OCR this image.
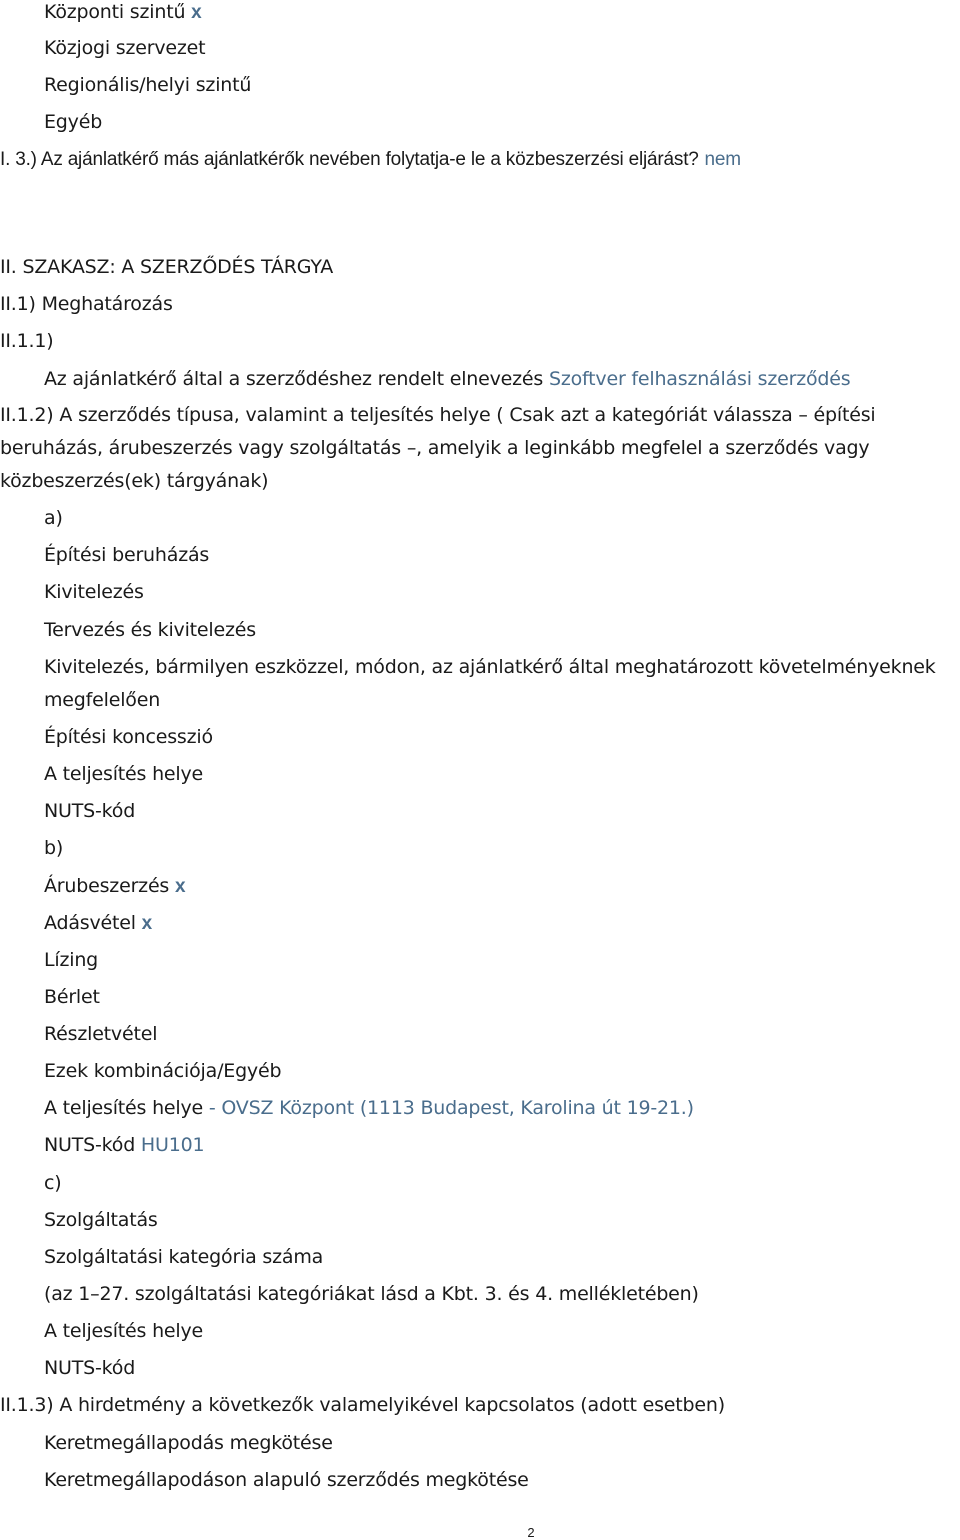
Központi szintű x
Közjogi szervezet
Regionális/helyi szintű
Egyéb
I. 3.) Az ajánlatkérő más ajánlatkérők nevében folytatja-e le a közbeszerzési eljárást? nem
II. SZAKASZ: A SZERZŐDÉS TÁRGYA
II.1) Meghatározás
II.1.1)
Az ajánlatkérő által a szerződéshez rendelt elnevezés Szoftver felhasználási szerződés
II.1.2) A szerződés típusa, valamint a teljesítés helye ( Csak azt a kategóriát válassza – építési
beruházás, árubeszerzés vagy szolgáltatás –, amelyik a leginkább megfelel a szerződés vagy
közbeszerzés(ek) tárgyának)
a)
Építési beruházás
Kivitelezés
Tervezés és kivitelezés
Kivitelezés, bármilyen eszközzel, módon, az ajánlatkérő által meghatározott követelményeknek
megfelelően
Építési koncesszió
A teljesítés helye
NUTS-kód
b)
Árubeszerzés x
Adásvétel x
Lízing
Bérlet
Részletvétel
Ezek kombinációja/Egyéb
A teljesítés helye - OVSZ Központ (1113 Budapest, Karolina út 19-21.)
NUTS-kód HU101
c)
Szolgáltatás
Szolgáltatási kategória száma
(az 1–27. szolgáltatási kategóriákat lásd a Kbt. 3. és 4. mellékletében)
A teljesítés helye
NUTS-kód
II.1.3) A hirdetmény a következők valamelyikével kapcsolatos (adott esetben)
Keretmegállapodás megkötése
Keretmegállapodáson alapuló szerződés megkötése
2
